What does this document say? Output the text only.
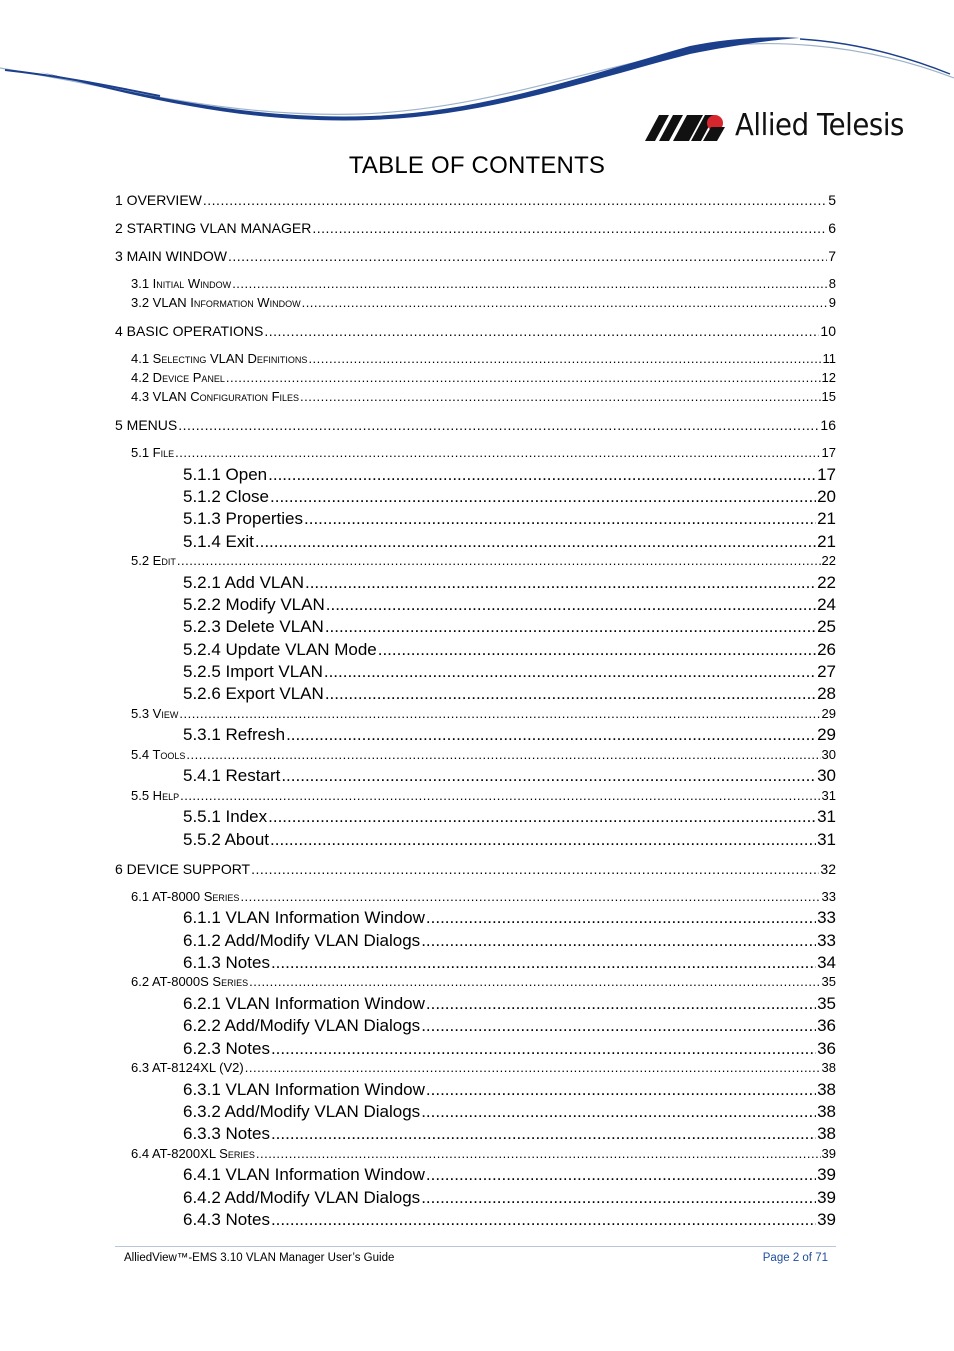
Allied Telesis
TABLE OF CONTENTS
1 OVERVIEW .....	5
2 STARTING VLAN MANAGER .....	6
3 MAIN WINDOW .....	7
3.1 Initial Window .....	8
3.2 VLAN Information Window .....	9
4 BASIC OPERATIONS .....	10
4.1 Selecting VLAN Definitions .....	11
4.2 Device Panel .....	12
4.3 VLAN Configuration Files .....	15
5 MENUS .....	16
5.1 File .....	17
5.1.1 Open .....	17
5.1.2 Close .....	20
5.1.3 Properties .....	21
5.1.4 Exit .....	21
5.2 Edit .....	22
5.2.1 Add VLAN .....	22
5.2.2 Modify VLAN .....	24
5.2.3 Delete VLAN .....	25
5.2.4 Update VLAN Mode .....	26
5.2.5 Import VLAN .....	27
5.2.6 Export VLAN .....	28
5.3 View .....	29
5.3.1 Refresh .....	29
5.4 Tools .....	30
5.4.1 Restart .....	30
5.5 Help .....	31
5.5.1 Index .....	31
5.5.2 About .....	31
6 DEVICE SUPPORT .....	32
6.1 AT-8000 Series .....	33
6.1.1 VLAN Information Window .....	33
6.1.2 Add/Modify VLAN Dialogs .....	33
6.1.3 Notes .....	34
6.2 AT-8000S Series .....	35
6.2.1 VLAN Information Window .....	35
6.2.2 Add/Modify VLAN Dialogs .....	36
6.2.3 Notes .....	36
6.3 AT-8124XL (V2) .....	38
6.3.1 VLAN Information Window .....	38
6.3.2 Add/Modify VLAN Dialogs .....	38
6.3.3 Notes .....	38
6.4 AT-8200XL Series .....	39
6.4.1 VLAN Information Window .....	39
6.4.2 Add/Modify VLAN Dialogs .....	39
6.4.3 Notes .....	39
AlliedView™-EMS 3.10 VLAN Manager User’s Guide	Page 2 of 71
